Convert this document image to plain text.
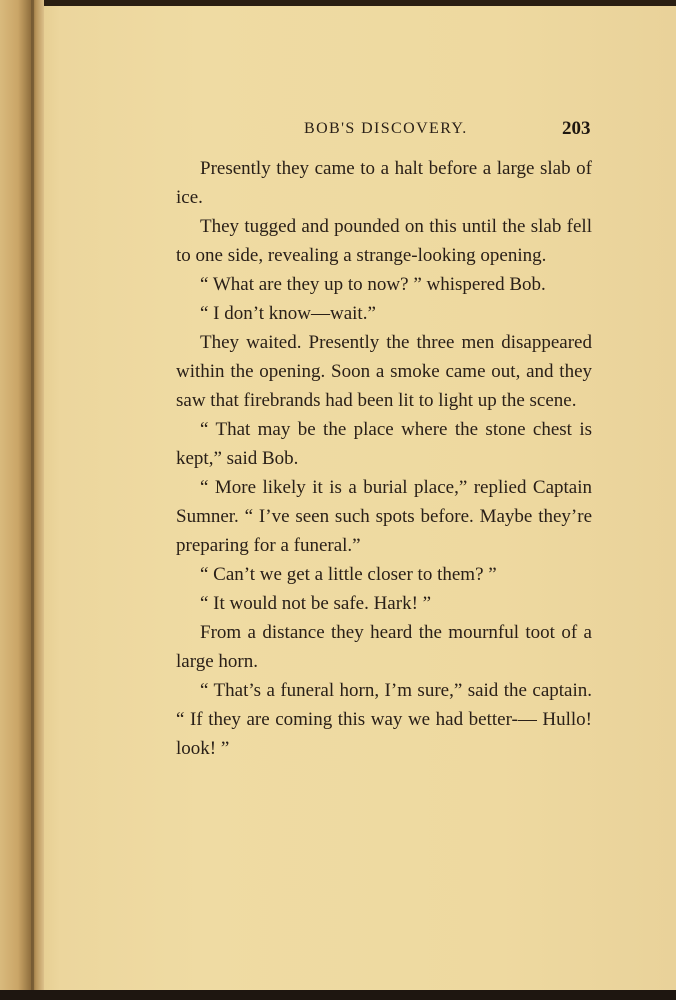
BOB'S DISCOVERY.	203

Presently they came to a halt before a large slab of ice.

They tugged and pounded on this until the slab fell to one side, revealing a strange-looking opening.

“ What are they up to now? ” whispered Bob.

“ I don’t know—wait.”

They waited. Presently the three men disappeared within the opening. Soon a smoke came out, and they saw that firebrands had been lit to light up the scene.

“ That may be the place where the stone chest is kept,” said Bob.

“ More likely it is a burial place,” replied Captain Sumner. “ I’ve seen such spots before. Maybe they’re preparing for a funeral.”

“ Can’t we get a little closer to them? ”

“ It would not be safe. Hark! ”

From a distance they heard the mournful toot of a large horn.

“ That’s a funeral horn, I’m sure,” said the captain. “ If they are coming this way we had better-— Hullo! look! ”
